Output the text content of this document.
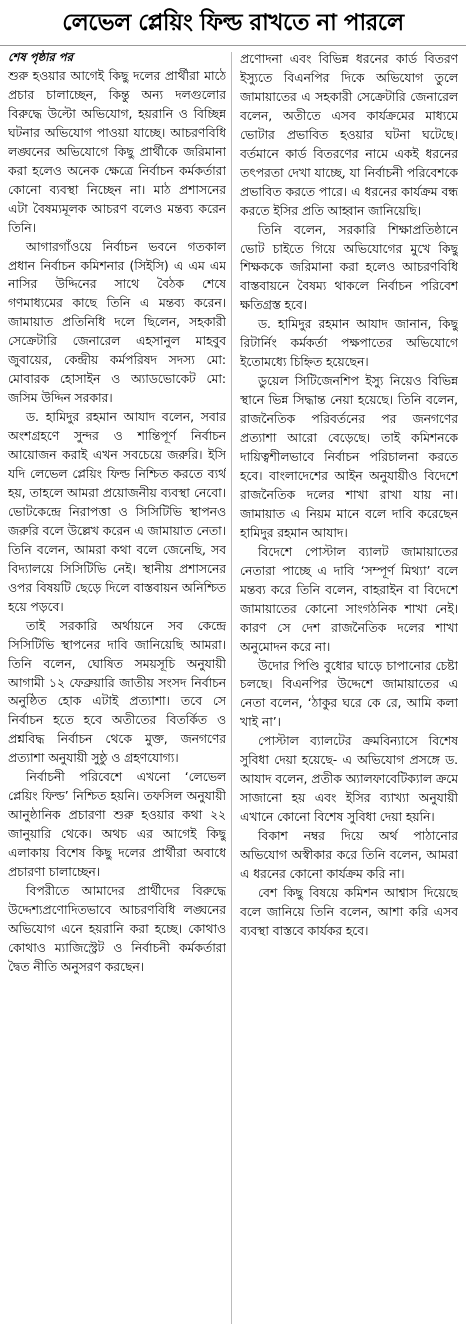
লেভেল প্লেয়িং ফিল্ড রাখতে না পারলে
শেষ পৃষ্ঠার পর

শুরু হওয়ার আগেই কিছু দলের প্রার্থীরা মাঠে প্রচার চালাচ্ছেন, কিন্তু অন্য দলগুলোর বিরুদ্ধে উল্টো অভিযোগ, হয়রানি ও বিচ্ছিন্ন ঘটনার অভিযোগ পাওয়া যাচ্ছে। আচরণবিধি লঙ্ঘনের অভিযোগে কিছু প্রার্থীকে জরিমানা করা হলেও অনেক ক্ষেত্রে নির্বাচন কর্মকর্তারা কোনো ব্যবস্থা নিচ্ছেন না। মাঠ প্রশাসনের এটা বৈষম্যমূলক আচরণ বলেও মন্তব্য করেন তিনি।

আগারগাঁওয়ে নির্বাচন ভবনে গতকাল প্রধান নির্বাচন কমিশনার (সিইসি) এ এম এম নাসির উদ্দিনের সাথে বৈঠক শেষে গণমাধ্যমের কাছে তিনি এ মন্তব্য করেন। জামায়াত প্রতিনিধি দলে ছিলেন, সহকারী সেক্রেটারি জেনারেল এহসানুল মাহবুব জুবায়ের, কেন্দ্রীয় কর্মপরিষদ সদস্য মো: মোবারক হোসাইন ও অ্যাডভোকেট মো: জসিম উদ্দিন সরকার।

ড. হামিদুর রহমান আযাদ বলেন, সবার অংশগ্রহণে সুন্দর ও শান্তিপূর্ণ নির্বাচন আয়োজন করাই এখন সবচেয়ে জরুরি। ইসি যদি লেভেল প্লেয়িং ফিল্ড নিশ্চিত করতে ব্যর্থ হয়, তাহলে আমরা প্রয়োজনীয় ব্যবস্থা নেবো। ভোটকেন্দ্রে নিরাপত্তা ও সিসিটিভি স্থাপনও জরুরি বলে উল্লেখ করেন এ জামায়াত নেতা। তিনি বলেন, আমরা কথা বলে জেনেছি, সব বিদ্যালয়ে সিসিটিভি নেই। স্থানীয় প্রশাসনের ওপর বিষয়টি ছেড়ে দিলে বাস্তবায়ন অনিশ্চিত হয়ে পড়বে।

তাই সরকারি অর্থায়নে সব কেন্দ্রে সিসিটিভি স্থাপনের দাবি জানিয়েছি আমরা। তিনি বলেন, ঘোষিত সময়সূচি অনুযায়ী আগামী ১২ ফেব্রুয়ারি জাতীয় সংসদ নির্বাচন অনুষ্ঠিত হোক এটাই প্রত্যাশা। তবে সে নির্বাচন হতে হবে অতীতের বিতর্কিত ও প্রশ্নবিদ্ধ নির্বাচন থেকে মুক্ত, জনগণের প্রত্যাশা অনুযায়ী সুষ্ঠু ও গ্রহণযোগ্য।

নির্বাচনী পরিবেশে এখনো ‘লেভেল প্লেয়িং ফিল্ড’ নিশ্চিত হয়নি। তফসিল অনুযায়ী আনুষ্ঠানিক প্রচারণা শুরু হওয়ার কথা ২২ জানুয়ারি থেকে। অথচ এর আগেই কিছু এলাকায় বিশেষ কিছু দলের প্রার্থীরা অবাধে প্রচারণা চালাচ্ছেন।

বিপরীতে আমাদের প্রার্থীদের বিরুদ্ধে উদ্দেশ্যপ্রণোদিতভাবে আচরণবিধি লঙ্ঘনের অভিযোগ এনে হয়রানি করা হচ্ছে। কোথাও কোথাও ম্যাজিস্ট্রেট ও নির্বাচনী কর্মকর্তারা দ্বৈত নীতি অনুসরণ করছেন।

প্রণোদনা এবং বিভিন্ন ধরনের কার্ড বিতরণ ইস্যুতে বিএনপির দিকে অভিযোগ তুলে জামায়াতের এ সহকারী সেক্রেটারি জেনারেল বলেন, অতীতে এসব কার্যক্রমের মাধ্যমে ভোটার প্রভাবিত হওয়ার ঘটনা ঘটেছে। বর্তমানে কার্ড বিতরণের নামে একই ধরনের তৎপরতা দেখা যাচ্ছে, যা নির্বাচনী পরিবেশকে প্রভাবিত করতে পারে। এ ধরনের কার্যক্রম বন্ধ করতে ইসির প্রতি আহ্বান জানিয়েছি।

তিনি বলেন, সরকারি শিক্ষাপ্রতিষ্ঠানে ভোট চাইতে গিয়ে অভিযোগের মুখে কিছু শিক্ষককে জরিমানা করা হলেও আচরণবিধি বাস্তবায়নে বৈষম্য থাকলে নির্বাচন পরিবেশ ক্ষতিগ্রস্ত হবে।

ড. হামিদুর রহমান আযাদ জানান, কিছু রিটার্নিং কর্মকর্তা পক্ষপাতের অভিযোগে ইতোমধ্যে চিহ্নিত হয়েছেন।

ডুয়েল সিটিজেনশিপ ইস্যু নিয়েও বিভিন্ন স্থানে ভিন্ন সিদ্ধান্ত নেয়া হয়েছে। তিনি বলেন, রাজনৈতিক পরিবর্তনের পর জনগণের প্রত্যাশা আরো বেড়েছে। তাই কমিশনকে দায়িত্বশীলভাবে নির্বাচন পরিচালনা করতে হবে। বাংলাদেশের আইন অনুযায়ীও বিদেশে রাজনৈতিক দলের শাখা রাখা যায় না। জামায়াত এ নিয়ম মানে বলে দাবি করেছেন হামিদুর রহমান আযাদ।

বিদেশে পোস্টাল ব্যালট জামায়াতের নেতারা পাচ্ছে এ দাবি ‘সম্পূর্ণ মিথ্যা’ বলে মন্তব্য করে তিনি বলেন, বাহরাইন বা বিদেশে জামায়াতের কোনো সাংগঠনিক শাখা নেই। কারণ সে দেশ রাজনৈতিক দলের শাখা অনুমোদন করে না।

উদোর পিণ্ডি বুধোর ঘাড়ে চাপানোর চেষ্টা চলছে। বিএনপির উদ্দেশে জামায়াতের এ নেতা বলেন, ‘ঠাকুর ঘরে কে রে, আমি কলা খাই না’।

পোস্টাল ব্যালটের ক্রমবিন্যাসে বিশেষ সুবিধা দেয়া হয়েছে- এ অভিযোগ প্রসঙ্গে ড. আযাদ বলেন, প্রতীক অ্যালফাবেটিক্যাল ক্রমে সাজানো হয় এবং ইসির ব্যাখ্যা অনুযায়ী এখানে কোনো বিশেষ সুবিধা দেয়া হয়নি।

বিকাশ নম্বর দিয়ে অর্থ পাঠানোর অভিযোগ অস্বীকার করে তিনি বলেন, আমরা এ ধরনের কোনো কার্যক্রম করি না।

বেশ কিছু বিষয়ে কমিশন আশ্বাস দিয়েছে বলে জানিয়ে তিনি বলেন, আশা করি এসব ব্যবস্থা বাস্তবে কার্যকর হবে।
